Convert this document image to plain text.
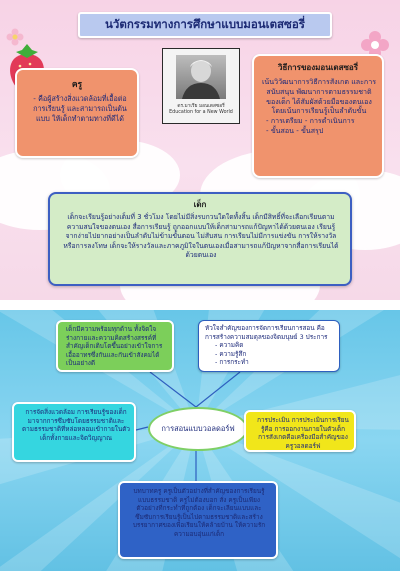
นวัตกรรมทางการศึกษาแบบมอนเตสซอรี่
ครู
- คือผู้สร้างสิ่งแวดล้อมที่เอื้อต่อการเรียนรู้ และสามารถเป็นต้นแบบ ให้เด็กทำตามทางที่ดีได้
ดร.มาเรีย มอนเตสซอรี่
Education for a New World
วิธีการของมอนเตสซอรี่
เน้นวิวัฒนาการวิธีการสังเกต และการสนับสนุน พัฒนาการตามธรรมชาติของเด็ก ได้สัมผัสด้วยมือของตนเอง โดยเน้นการเรียนรู้เป็นลำดับขั้น
- การเตรียม - การดำเนินการ
- ขั้นสอน - ขั้นสรุป
เด็ก
เด็กจะเรียนรู้อย่างเต็มที่ 3 ชั่วโมง โดยไม่มีสิ่งรบกวนใดใดทั้งสิ้น เด็กมีสิทธิ์ที่จะเลือกเรียนตามความสนใจของตนเอง สื่อการเรียนรู้ ถูกออกแบบให้เด็กสามารถแก้ปัญหาได้ด้วยตนเอง เรียนรู้จากง่ายไปยากอย่างเป็นลำดับไม่ข้ามขั้นตอน ไม่สับสน การเรียนไม่มีการแข่งขัน การให้รางวัล หรือการลงโทษ เด็กจะให้รางวัลและภาคภูมิใจในตนเองเมื่อสามารถแก้ปัญหาจากสื่อการเรียนได้ด้วยตนเอง
เด็กมีความพร้อมทุกด้าน ทั้งจิตใจ ร่างกายและความคิดสร้างสรรค์ที่สำคัญเด็กเติบโตขึ้นอย่างเข้าใจการเอื้ออาทรซึ่งกันและกันเข้าสังคมได้เป็นอย่างดี
หัวใจสำคัญของการจัดการเรียนการสอน คือการสร้างความสมดุลของจิตมนุษย์ 3 ประการ
- ความคิด
- ความรู้สึก
- การกระทำ
การจัดสิ่งแวดล้อม การเรียนรู้ของเด็กมาจากการซึมซับโดยธรรมชาติและตามธรรมชาติที่หล่อหลอมเข้ากายในตัวเด็กทั้งกายและจิตวิญญาณ
การสอนแบบวอลดอร์ฟ
การประเมิน การประเมินการเรียนรู้คือ การออกงานภายในตัวเด็ก การสังเกตคือเครื่องมือสำคัญของครูวอลดอร์ฟ
บทบาทครู ครูเป็นตัวอย่างที่สำคัญของการเรียนรู้แบบธรรมชาติ ครูไม่ต้องบอก สั่ง ครูเป็นเพียงตัวอย่างที่กระทำที่ถูกต้อง เด็กจะเลียนแบบและซึมซับการเรียนรู้เป็นไปตามธรรมชาติและสร้างบรรยากาศของเพื่อเรียนให้คล้ายบ้าน ให้ความรัก ความอบอุ่นแก่เด็ก
